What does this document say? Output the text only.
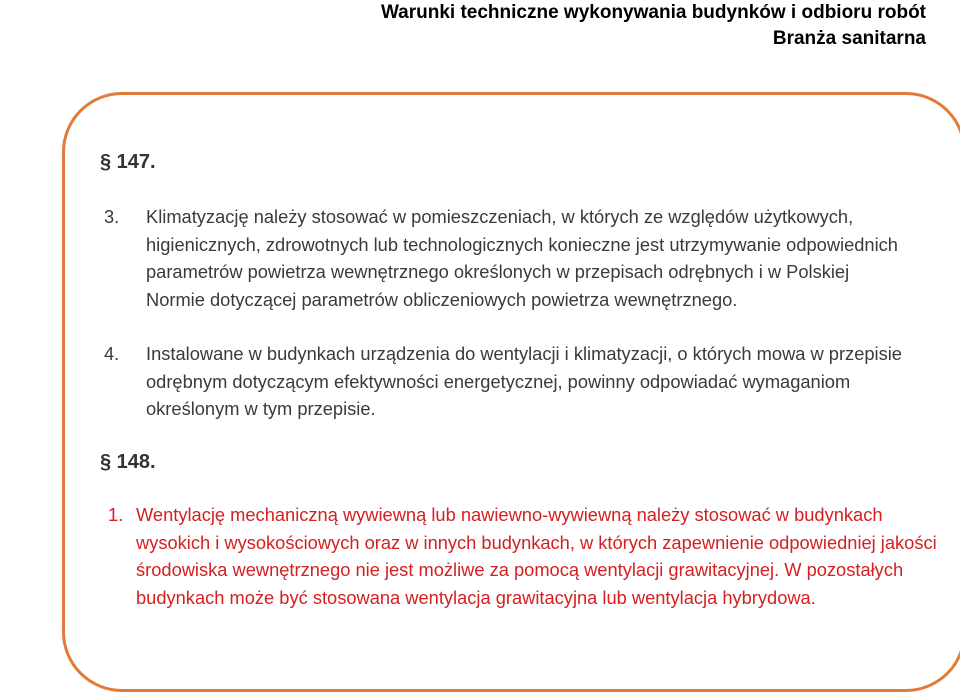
Warunki techniczne wykonywania budynków i odbioru robót
Branża sanitarna
§ 147.
3. Klimatyzację należy stosować w pomieszczeniach, w których ze względów użytkowych, higienicznych, zdrowotnych lub technologicznych konieczne jest utrzymywanie odpowiednich parametrów powietrza wewnętrznego określonych w przepisach odrębnych i w Polskiej Normie dotyczącej parametrów obliczeniowych powietrza wewnętrznego.
4. Instalowane w budynkach urządzenia do wentylacji i klimatyzacji, o których mowa w przepisie odrębnym dotyczącym efektywności energetycznej, powinny odpowiadać wymaganiom określonym w tym przepisie.
§ 148.
1. Wentylację mechaniczną wywiewną lub nawiewno-wywiewną należy stosować w budynkach wysokich i wysokościowych oraz w innych budynkach, w których zapewnienie odpowiedniej jakości środowiska wewnętrznego nie jest możliwe za pomocą wentylacji grawitacyjnej. W pozostałych budynkach może być stosowana wentylacja grawitacyjna lub wentylacja hybrydowa.
